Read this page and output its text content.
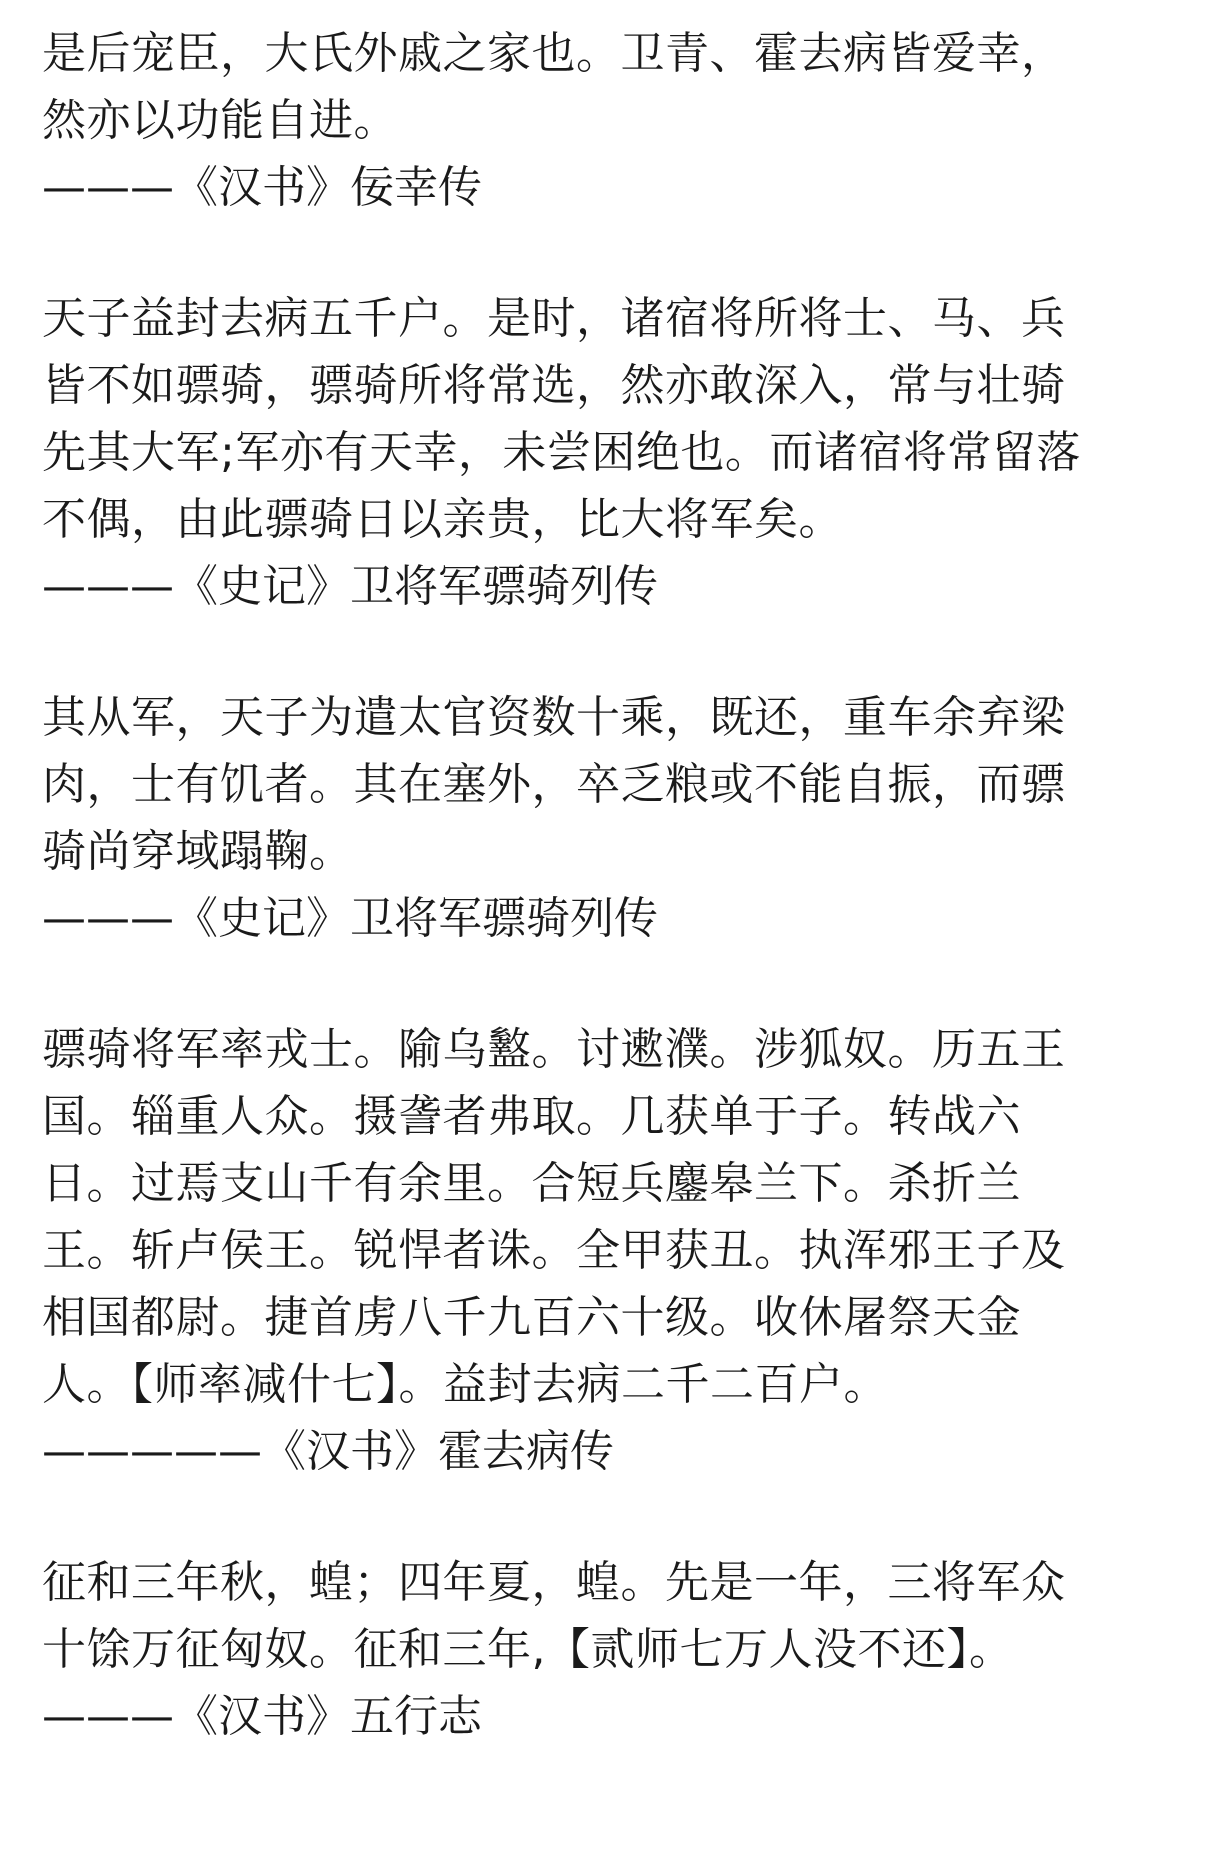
是后宠臣，大氏外戚之家也。卫青、霍去病皆爱幸，
然亦以功能自进。
———《汉书》佞幸传
天子益封去病五千户。是时，诸宿将所将士、马、兵
皆不如骠骑，骠骑所将常选，然亦敢深入，常与壮骑
先其大军;军亦有天幸，未尝困绝也。而诸宿将常留落
不偶，由此骠骑日以亲贵，比大将军矣。
———《史记》卫将军骠骑列传
其从军，天子为遣太官资数十乘，既还，重车余弃梁
肉，士有饥者。其在塞外，卒乏粮或不能自振，而骠
骑尚穿域蹋鞠。
———《史记》卫将军骠骑列传
骠骑将军率戎士。隃乌盭。讨遬濮。涉狐奴。历五王
国。辎重人众。摄詟者弗取。几获单于子。转战六
日。过焉支山千有余里。合短兵鏖皋兰下。杀折兰
王。斩卢侯王。锐悍者诛。全甲获丑。执浑邪王子及
相国都尉。捷首虏八千九百六十级。收休屠祭天金
人。【师率减什七】。益封去病二千二百户。
—————《汉书》霍去病传
征和三年秋，蝗；四年夏，蝗。先是一年，三将军众
十馀万征匈奴。征和三年,【贰师七万人没不还】。
———《汉书》五行志
